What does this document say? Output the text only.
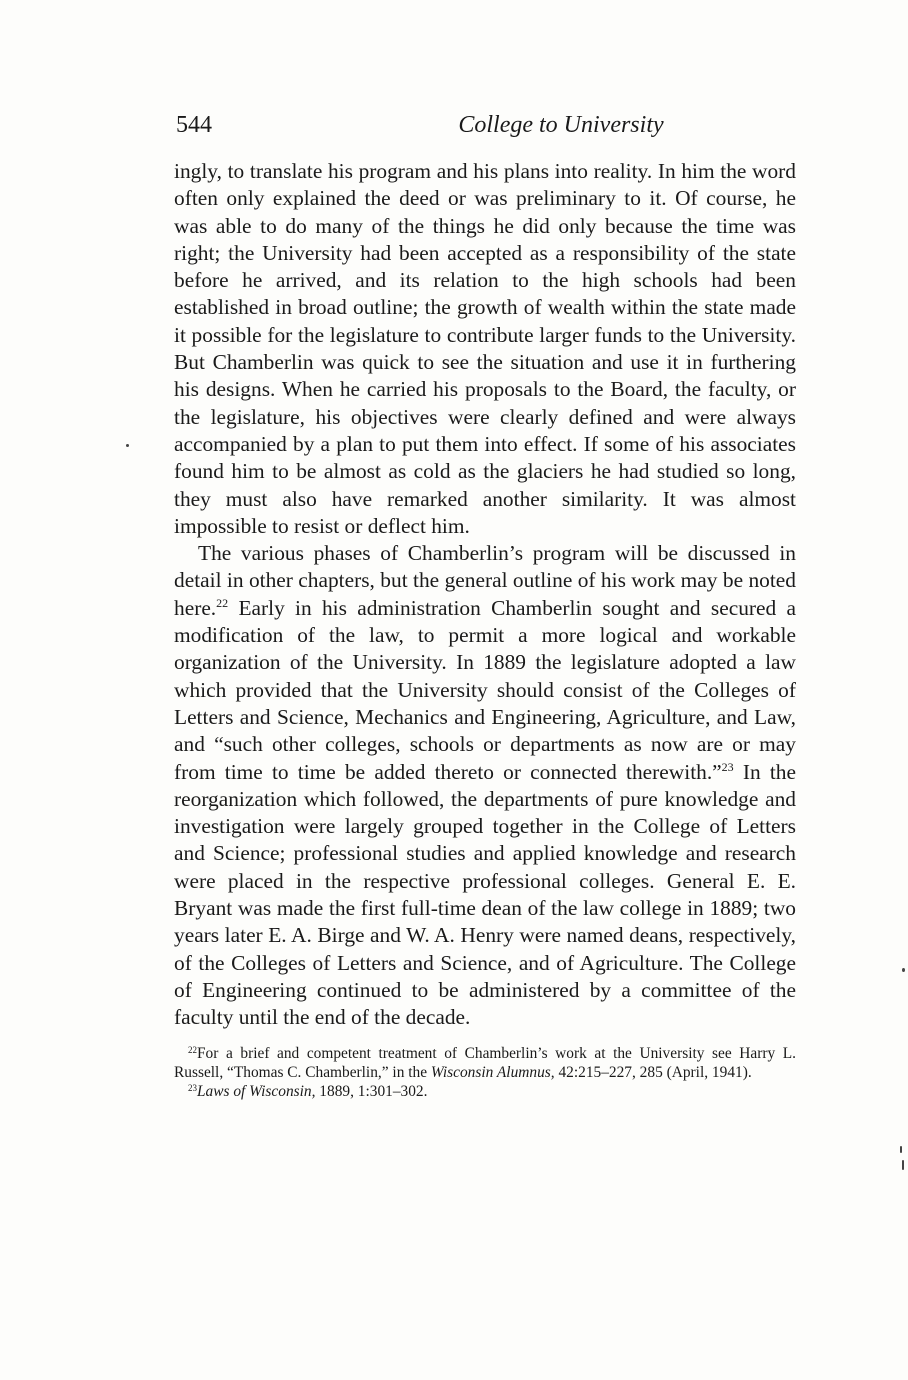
544	College to University

ingly, to translate his program and his plans into reality. In him the word often only explained the deed or was preliminary to it. Of course, he was able to do many of the things he did only because the time was right; the University had been accepted as a responsibility of the state before he arrived, and its relation to the high schools had been established in broad outline; the growth of wealth within the state made it possible for the legislature to contribute larger funds to the University. But Chamberlin was quick to see the situation and use it in furthering his designs. When he carried his proposals to the Board, the faculty, or the legislature, his objectives were clearly defined and were always accompanied by a plan to put them into effect. If some of his associates found him to be almost as cold as the glaciers he had studied so long, they must also have remarked another similarity. It was almost impossible to resist or deflect him.

The various phases of Chamberlin’s program will be discussed in detail in other chapters, but the general outline of his work may be noted here.$^{22}$ Early in his administration Chamberlin sought and secured a modification of the law, to permit a more logical and workable organization of the University. In 1889 the legislature adopted a law which provided that the University should consist of the Colleges of Letters and Science, Mechanics and Engineering, Agriculture, and Law, and “such other colleges, schools or departments as now are or may from time to time be added thereto or connected therewith.”$^{23}$ In the reorganization which followed, the departments of pure knowledge and investigation were largely grouped together in the College of Letters and Science; professional studies and applied knowledge and research were placed in the respective professional colleges. General E. E. Bryant was made the first full-time dean of the law college in 1889; two years later E. A. Birge and W. A. Henry were named deans, respectively, of the Colleges of Letters and Science, and of Agriculture. The College of Engineering continued to be administered by a committee of the faculty until the end of the decade.

$^{22}$For a brief and competent treatment of Chamberlin’s work at the University see Harry L. Russell, “Thomas C. Chamberlin,” in the Wisconsin Alumnus, 42:215–227, 285 (April, 1941).

$^{23}$Laws of Wisconsin, 1889, 1:301–302.
